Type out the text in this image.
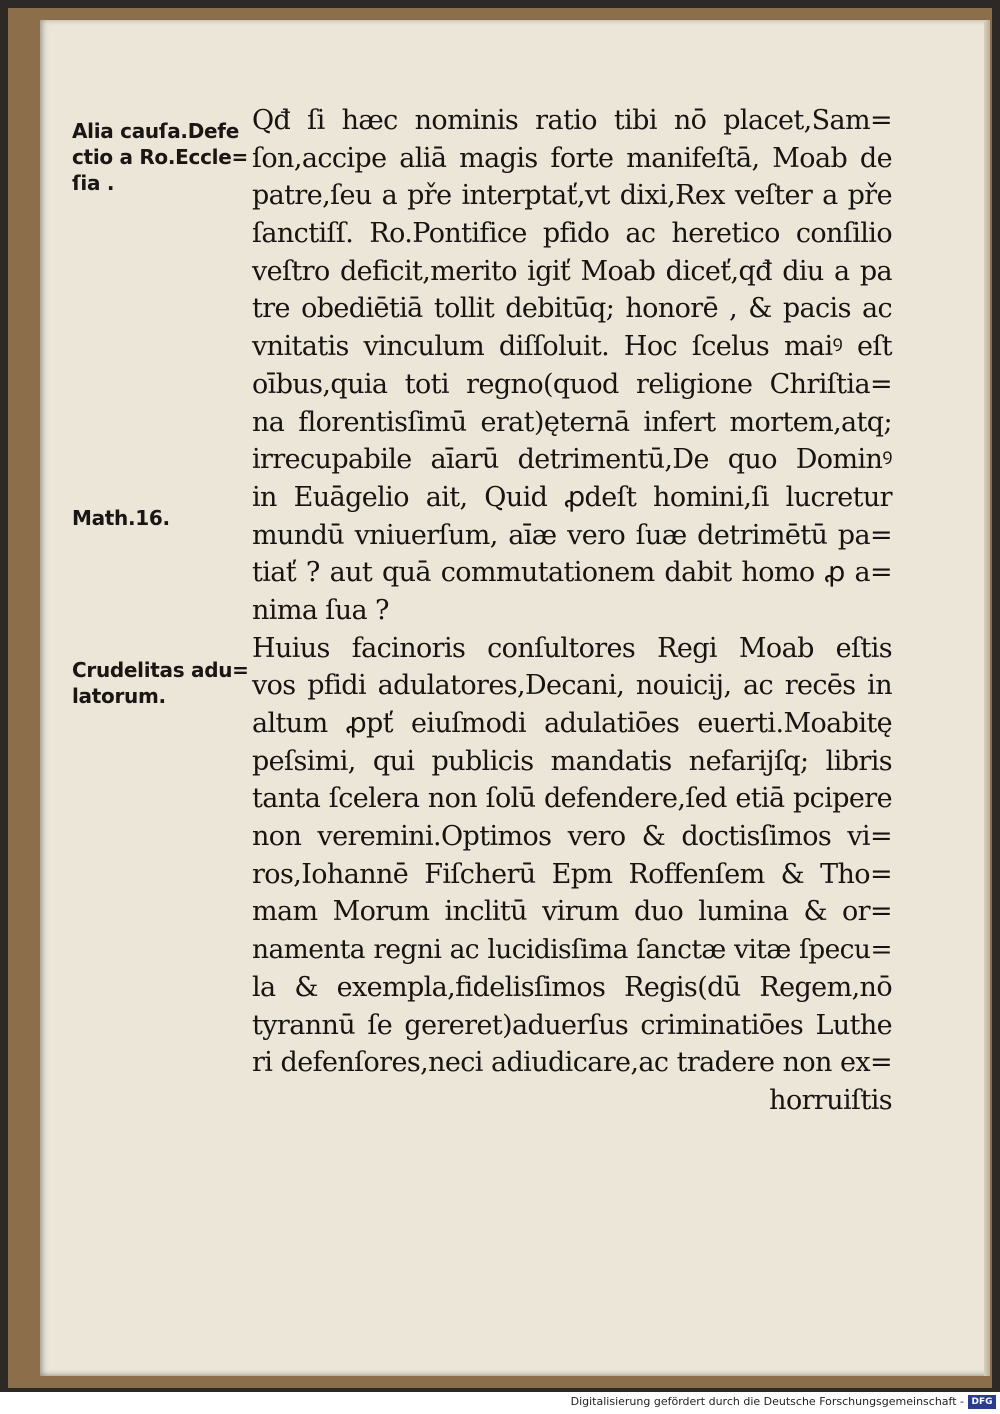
Alia cauſa.Defe
ctio a Ro.Eccle=
ſia .
Math.16.
Crudelitas adu=
latorum.
Qđ ſi hæc nominis ratio tibi nō placet,Sam=
ſon,accipe aliā magis forte manifeſtā, Moab de
patre,ſeu a pře interptať,vt dixi,Rex veſter a pře
ſanctiſſ. Ro.Pontifice pfido ac heretico conſilio
veſtro deficit,merito igiť Moab diceť,qđ diu a pa
tre obediētiā tollit debitūq; honorē , & pacis ac
vnitatis vinculum diſſoluit. Hoc ſcelus maiꝰ eſt
oībus,quia toti regno(quod religione Chriſtia=
na florentisſimū erat)ęternā infert mortem,atq;
irrecupabile aīarū detrimentū,De quo Dominꝰ
in Euāgelio ait, Quid ꝓdeſt homini,ſi lucretur
mundū vniuerſum, aīæ vero ſuæ detrimētū pa=
tiať ? aut quā commutationem dabit homo ꝓ a=
nima ſua ?
Huius facinoris conſultores Regi Moab eſtis
vos pfidi adulatores,Decani, nouicij, ac recēs in
altum ꝓpť eiuſmodi adulatiōes euerti.Moabitę
peſsimi, qui publicis mandatis nefarijſq; libris
tanta ſcelera non ſolū defendere,ſed etiā pcipere
non veremini.Optimos vero & doctisſimos vi=
ros,Iohannē Fiſcherū Epm Roffenſem & Tho=
mam Morum inclitū virum duo lumina & or=
namenta regni ac lucidisſima ſanctæ vitæ ſpecu=
la & exempla,fidelisſimos Regis(dū Regem,nō
tyrannū ſe gereret)aduerſus criminatiōes Luthe
ri defenſores,neci adiudicare,ac tradere non ex=
horruiſtis
Digitalisierung gefördert durch die Deutsche Forschungsgemeinschaft - DFG
